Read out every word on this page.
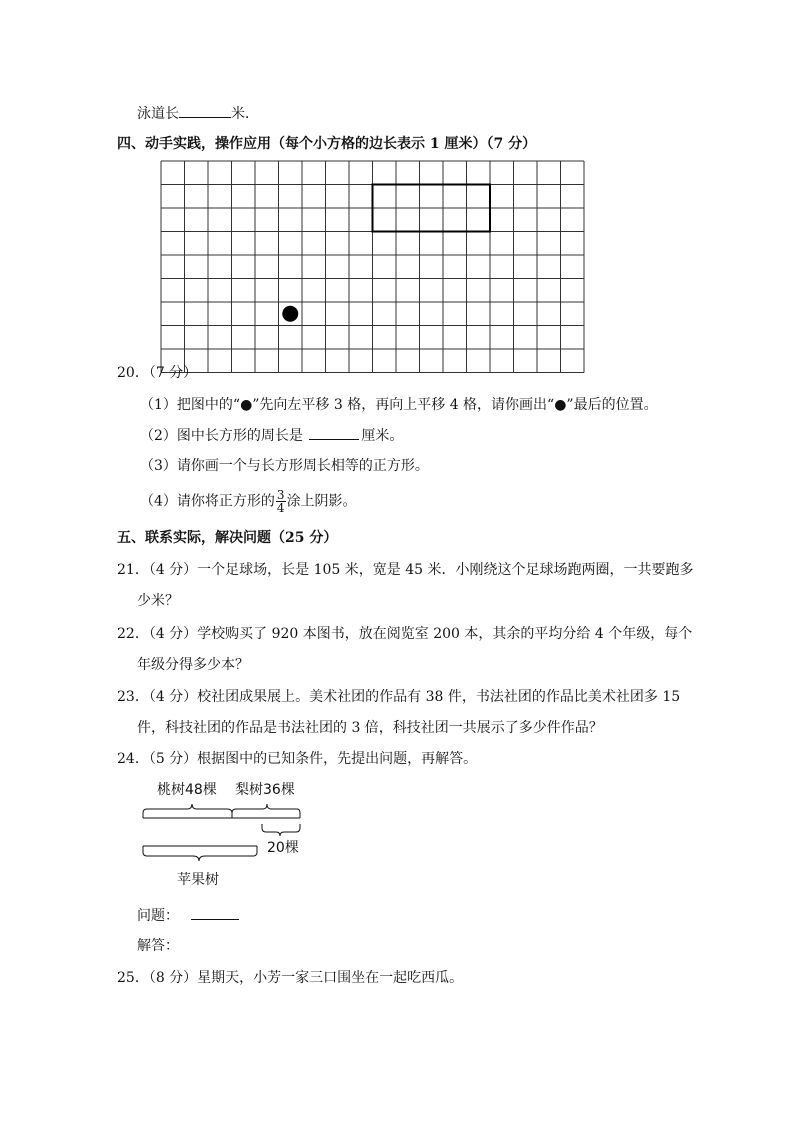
泳道长	米．
四、动手实践，操作应用（每个小方格的边长表示 1 厘米）（7 分）
20．（7 分）
（1）把图中的“●”先向左平移 3 格，再向上平移 4 格，请你画出“●”最后的位置。
（2）图中长方形的周长是	厘米。
（3）请你画一个与长方形周长相等的正方形。
（4）请你将正方形的 $\frac{3}{4}$ 涂上阴影。
五、联系实际，解决问题（25 分）
21．（4 分）一个足球场，长是 105 米，宽是 45 米．小刚绕这个足球场跑两圈，一共要跑多
少米？
22．（4 分）学校购买了 920 本图书，放在阅览室 200 本，其余的平均分给 4 个年级，每个
年级分得多少本？
23．（4 分）校社团成果展上。美术社团的作品有 38 件，书法社团的作品比美术社团多 15
件，科技社团的作品是书法社团的 3 倍，科技社团一共展示了多少件作品？
24．（5 分）根据图中的已知条件，先提出问题，再解答。
桃树48棵 梨树36棵
20棵
苹果树
问题：
解答：
25．（8 分）星期天，小芳一家三口围坐在一起吃西瓜。
